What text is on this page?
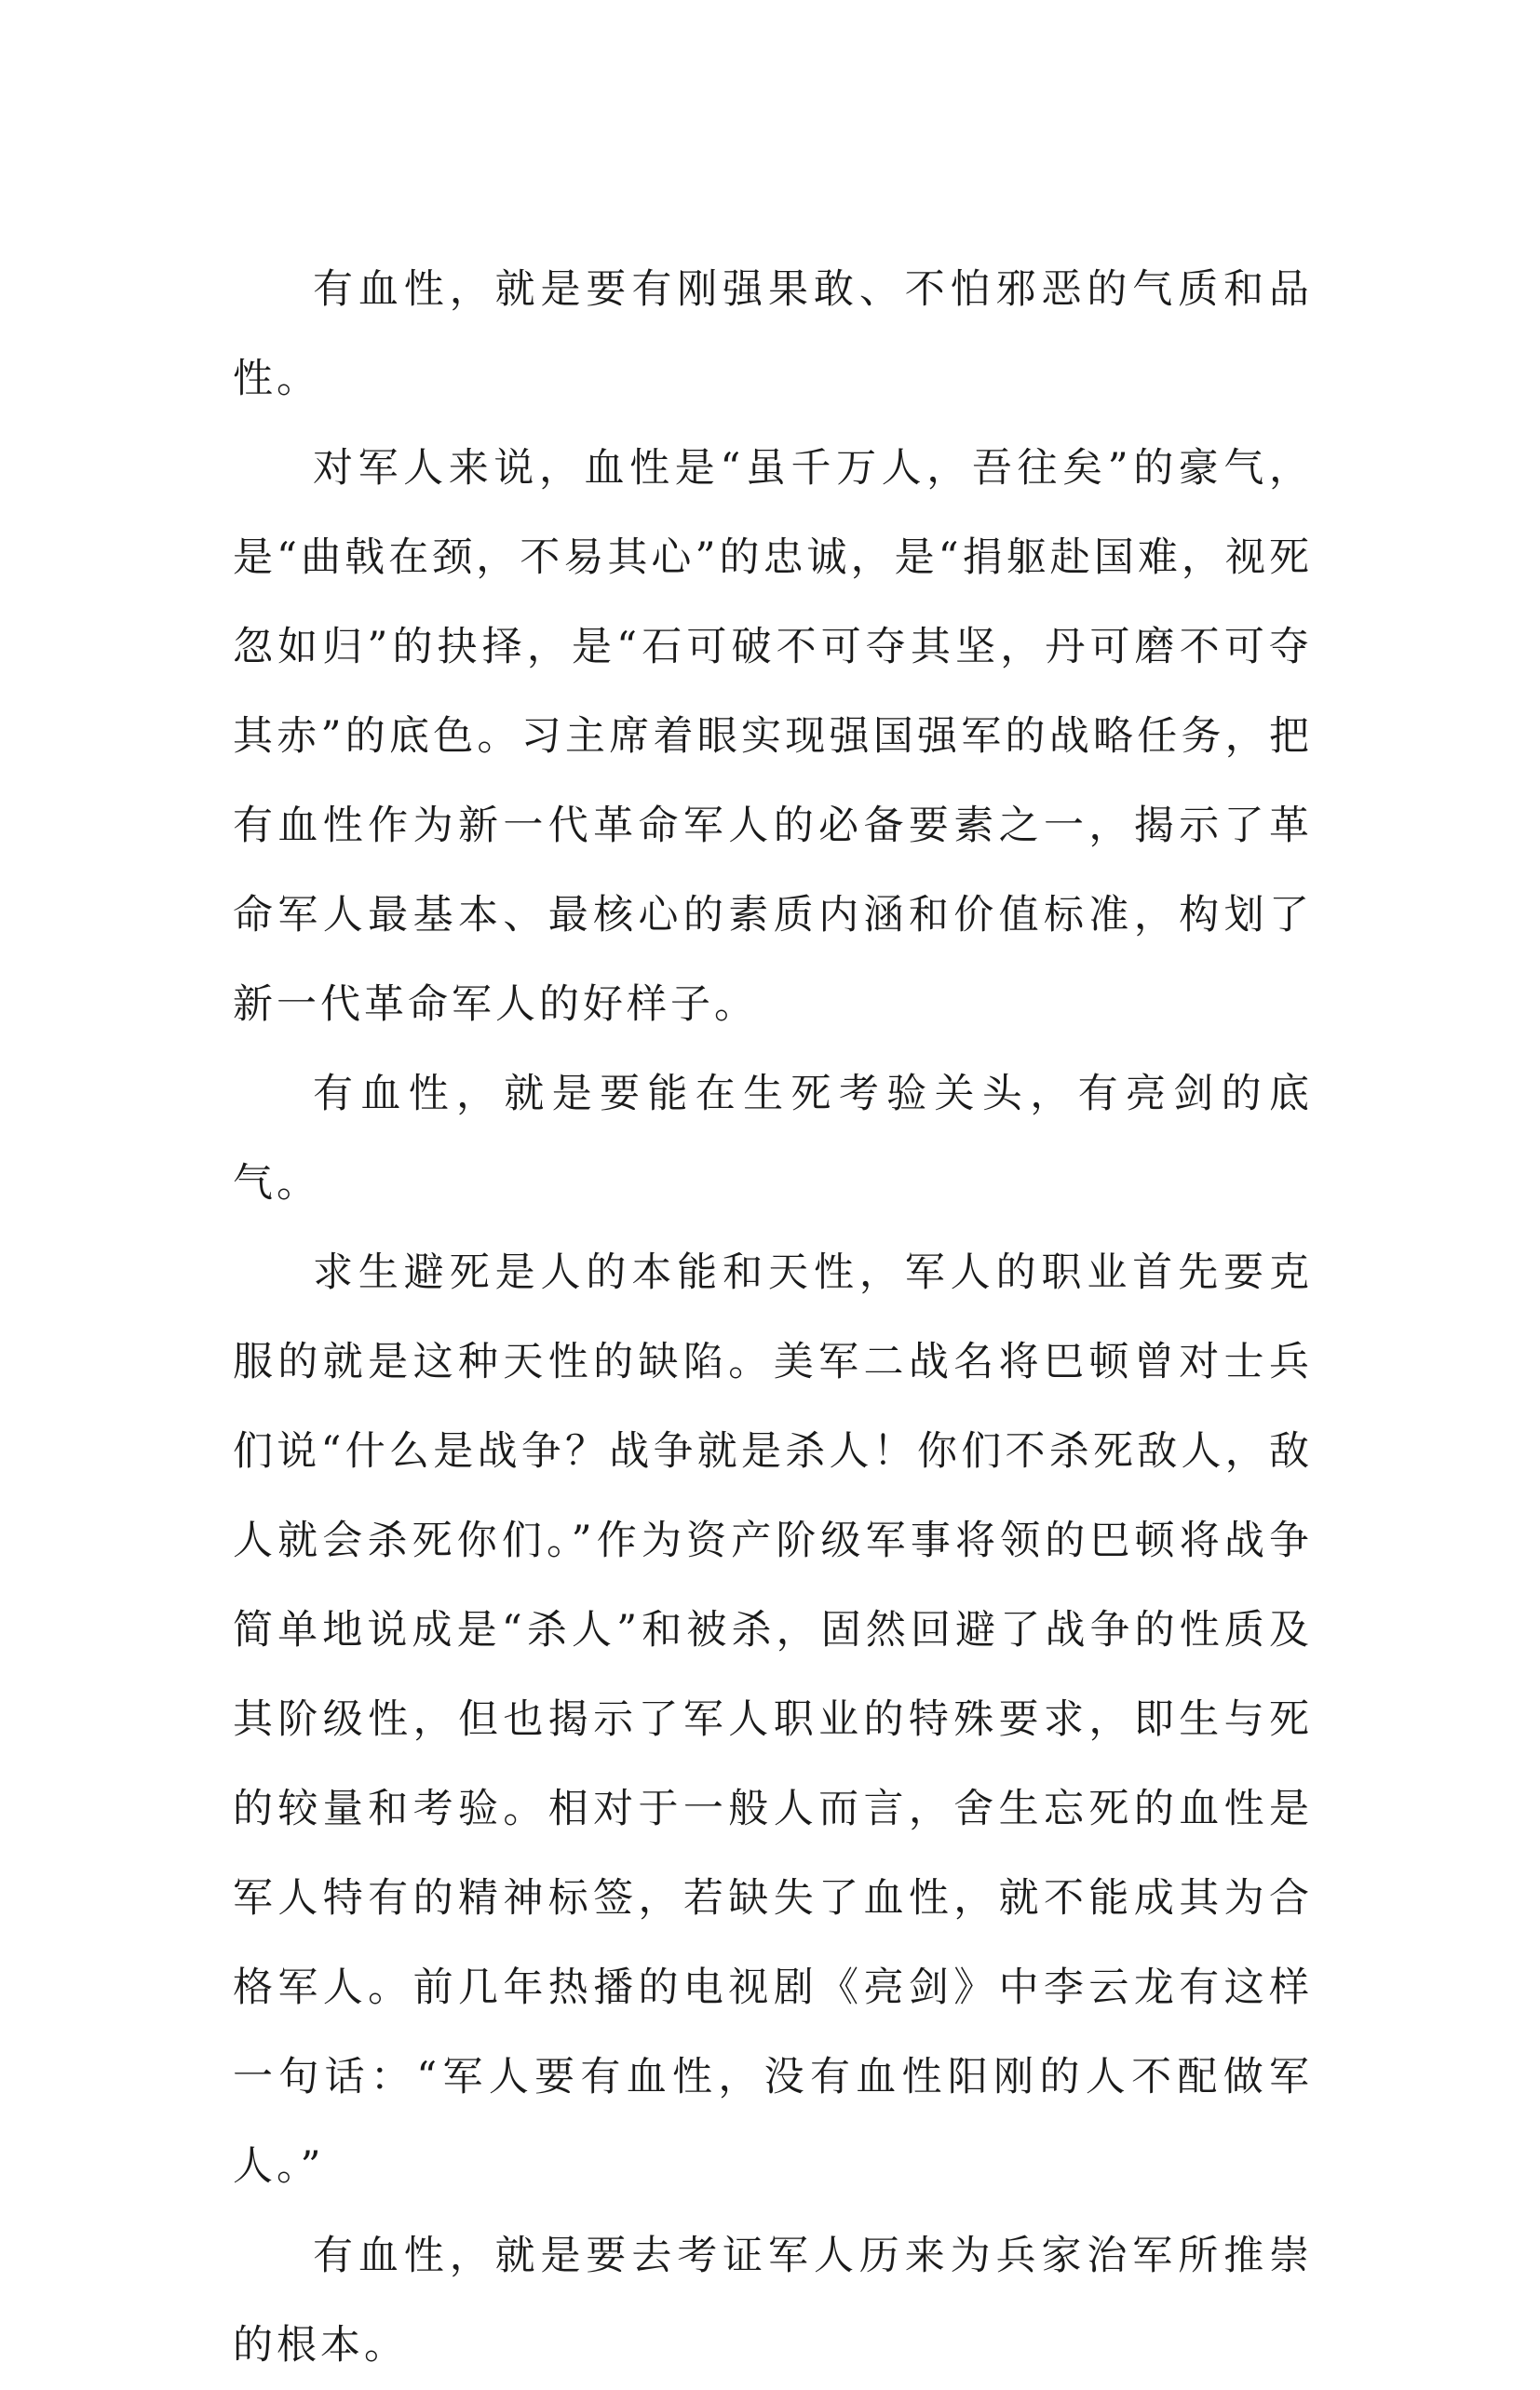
有血性，就是要有刚强果敢、不怕邪恶的气质和品性。

对军人来说，血性是“虽千万人，吾往矣”的豪气，是“曲戟在颈，不易其心”的忠诚，是“捐躯赴国难，视死忽如归”的抉择，是“石可破不可夺其坚，丹可磨不可夺其赤”的底色。习主席着眼实现强国强军的战略任务，把有血性作为新一代革命军人的必备要素之一，揭示了革命军人最基本、最核心的素质内涵和价值标准，构划了新一代革命军人的好样子。

有血性，就是要能在生死考验关头，有亮剑的底气。

求生避死是人的本能和天性，军人的职业首先要克服的就是这种天性的缺陷。美军二战名将巴顿曾对士兵们说“什么是战争？战争就是杀人！你们不杀死敌人，敌人就会杀死你们。”作为资产阶级军事将领的巴顿将战争简单地说成是“杀人”和被杀，固然回避了战争的性质及其阶级性，但也揭示了军人职业的特殊要求，即生与死的较量和考验。相对于一般人而言，舍生忘死的血性是军人特有的精神标签，若缺失了血性，就不能成其为合格军人。前几年热播的电视剧《亮剑》中李云龙有这样一句话：“军人要有血性，没有血性阳刚的人不配做军人。”

有血性，就是要去考证军人历来为兵家治军所推崇的根本。
